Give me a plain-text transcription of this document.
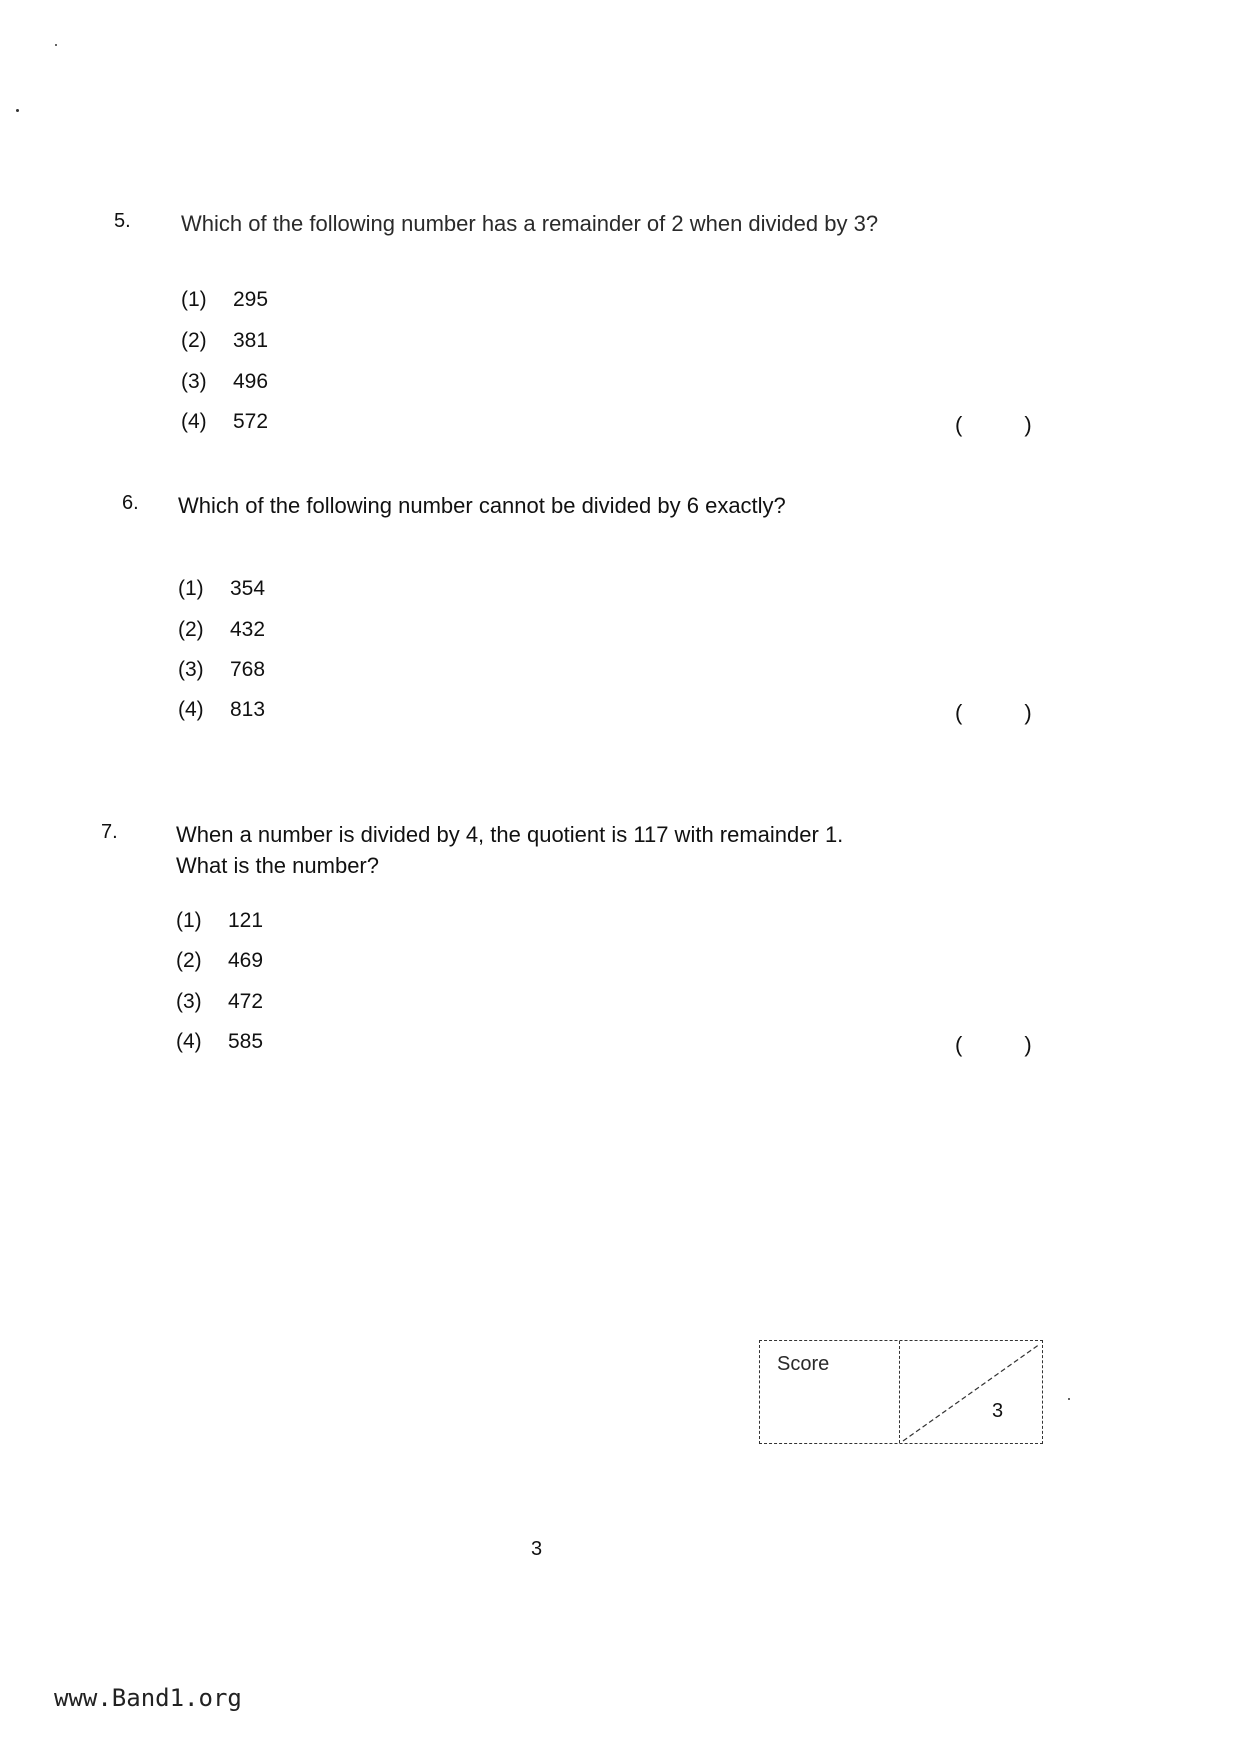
5. Which of the following number has a remainder of 2 when divided by 3?
(1) 295
(2) 381
(3) 496
(4) 572	(	)
6. Which of the following number cannot be divided by 6 exactly?
(1) 354
(2) 432
(3) 768
(4) 813	(	)
7.	When a number is divided by 4, the quotient is 117 with remainder 1.
What is the number?
(1) 121
(2) 469
(3) 472
(4) 585	(	)
Score
3
3
www.Band1.org
